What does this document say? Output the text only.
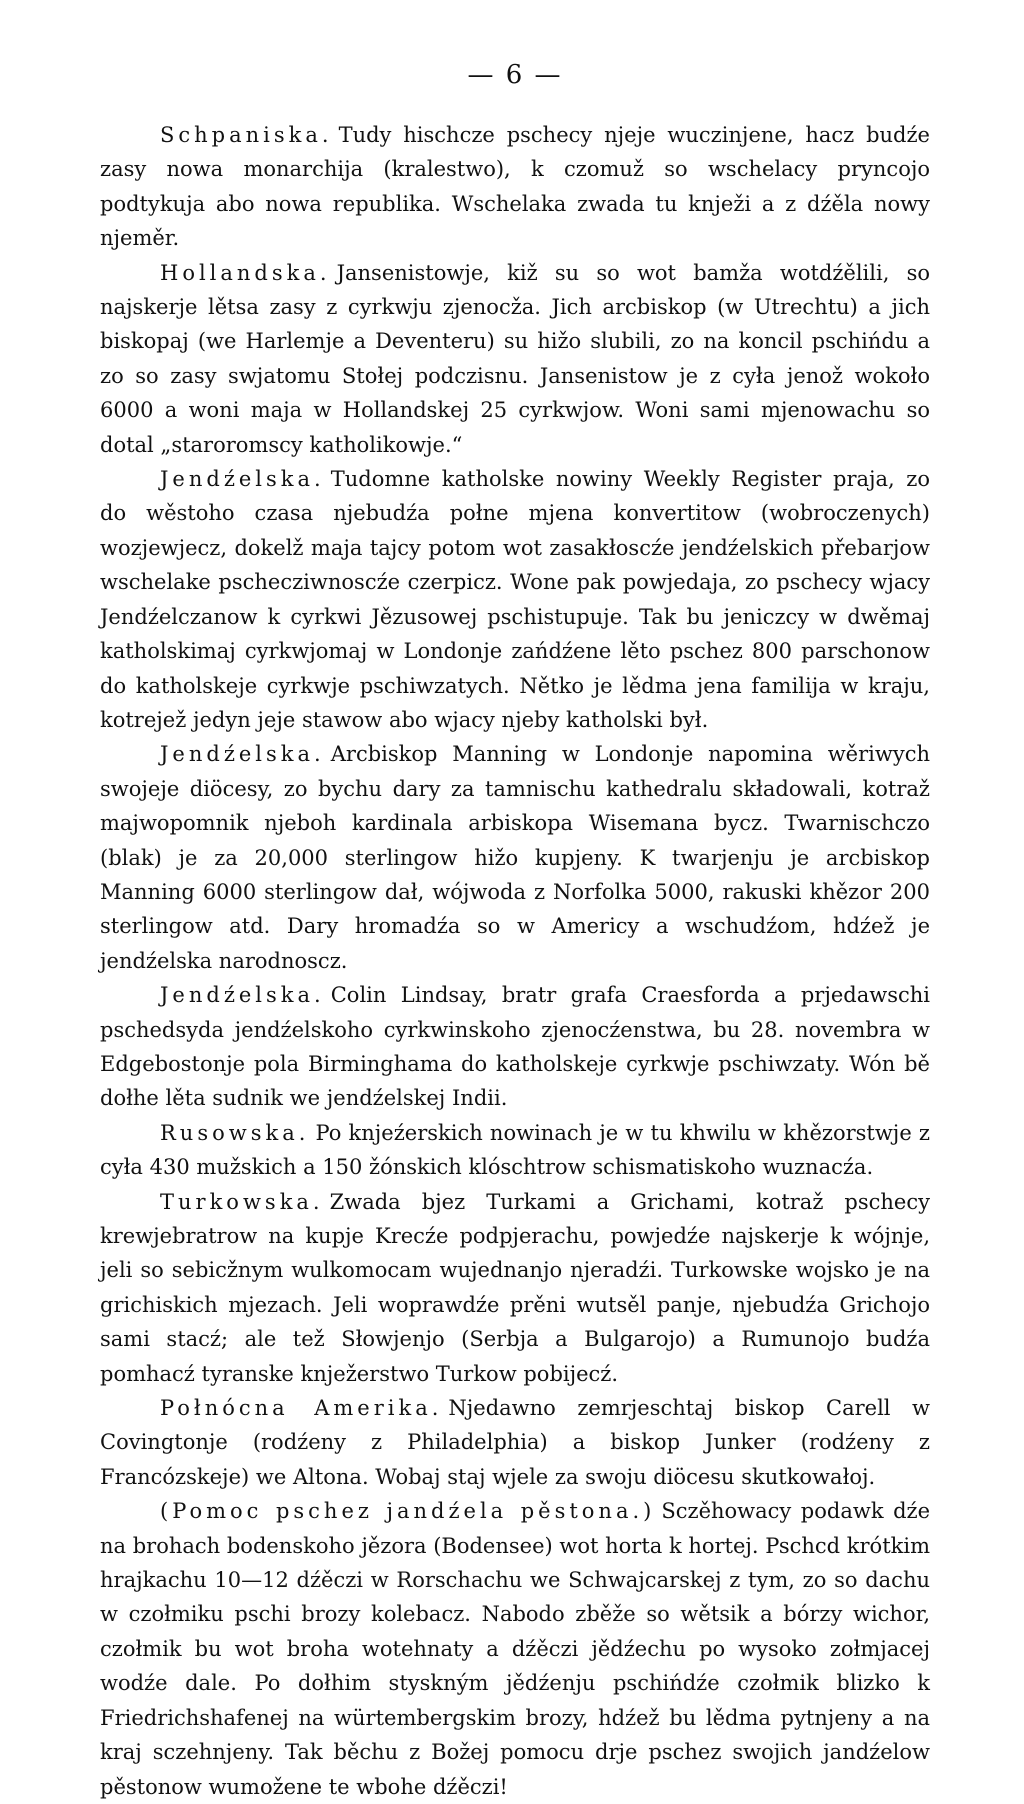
— 6 —

Schpaniska. Tudy hischcze pschecy njeje wuczinjene, hacz budźe zasy nowa monarchija (kralestwo), k czomuž so wschelacy pryncojo podtykuja abo nowa republika. Wschelaka zwada tu knježi a z dźěla nowy njeměr.

Hollandska. Jansenistowje, kiž su so wot bamža wotdźělili, so najskerje lětsa zasy z cyrkwju zjenocža. Jich arcbiskop (w Utrechtu) a jich biskopaj (we Harlemje a Deventeru) su hižo slubili, zo na koncil pschińdu a zo so zasy swjatomu Stołej podczisnu. Jansenistow je z cyła jenož wokoło 6000 a woni maja w Hollandskej 25 cyrkwjow. Woni sami mjenowachu so dotal „staroromscy katholikowje.“

Jendźelska. Tudomne katholske nowiny Weekly Register praja, zo do wěstoho czasa njebudźa połne mjena konvertitow (wobroczenych) wozjewjecz, dokelž maja tajcy potom wot zasakłoscźe jendźelskich přebarjow wschelake pschecziwnoscźe czerpicz. Wone pak powjedaja, zo pschecy wjacy Jendźelczanow k cyrkwi Jězusowej pschistupuje. Tak bu jeniczcy w dwěmaj katholskimaj cyrkwjomaj w Londonje zańdźene lěto pschez 800 parschonow do katholskeje cyrkwje pschiwzatych. Nětko je lědma jena familija w kraju, kotrejež jedyn jeje stawow abo wjacy njeby katholski był.

Jendźelska. Arcbiskop Manning w Londonje napomina wěriwych swojeje diöcesy, zo bychu dary za tamnischu kathedralu składowali, kotraž majwopomnik njeboh kardinala arbiskopa Wisemana bycz. Twarnischczo (blak) je za 20,000 sterlingow hižo kupjeny. K twarjenju je arcbiskop Manning 6000 sterlingow dał, wójwoda z Norfolka 5000, rakuski khězor 200 sterlingow atd. Dary hromadźa so w Americy a wschudźom, hdźež je jendźelska narodnoscz.

Jendźelska. Colin Lindsay, bratr grafa Craesforda a prjedawschi pschedsyda jendźelskoho cyrkwinskoho zjenocźenstwa, bu 28. novembra w Edgebostonje pola Birminghama do katholskeje cyrkwje pschiwzaty. Wón bě dołhe lěta sudnik we jendźelskej Indii.

Rusowska. Po knjeźerskich nowinach je w tu khwilu w khězorstwje z cyła 430 mužskich a 150 žónskich klóschtrow schismatiskoho wuznacźa.

Turkowska. Zwada bjez Turkami a Grichami, kotraž pschecy krewjebratrow na kupje Krecźe podpjerachu, powjedźe najskerje k wójnje, jeli so sebicžnym wulkomocam wujednanjo njeradźi. Turkowske wojsko je na grichiskich mjezach. Jeli woprawdźe prěni wutsěl panje, njebudźa Grichojo sami stacź; ale tež Słowjenjo (Serbja a Bulgarojo) a Rumunojo budźa pomhacź tyranske knježerstwo Turkow pobijecź.

Połnócna Amerika. Njedawno zemrjeschtaj biskop Carell w Covingtonje (rodźeny z Philadelphia) a biskop Junker (rodźeny z Francózskeje) we Altona. Wobaj staj wjele za swoju diöcesu skutkowałoj.

(Pomoc pschez jandźela pěstona.) Sczěhowacy podawk dźe na brohach bodenskoho jězora (Bodensee) wot horta k hortej. Pschcd krótkim hrajkachu 10—12 dźěczi w Rorschachu we Schwajcarskej z tym, zo so dachu w czołmiku pschi brozy kolebacz. Nabodo zběže so wětsik a bórzy wichor, czołmik bu wot broha wotehnaty a dźěczi jědźechu po wysoko zołmjacej wodźe dale. Po dołhim styskným jědźenju pschińdźe czołmik blizko k Friedrichshafenej na würtembergskim brozy, hdźež bu lědma pytnjeny a na kraj sczehnjeny. Tak běchu z Božej pomocu drje pschez swojich jandźelow pěstonow wumožene te wbohe dźěczi!
